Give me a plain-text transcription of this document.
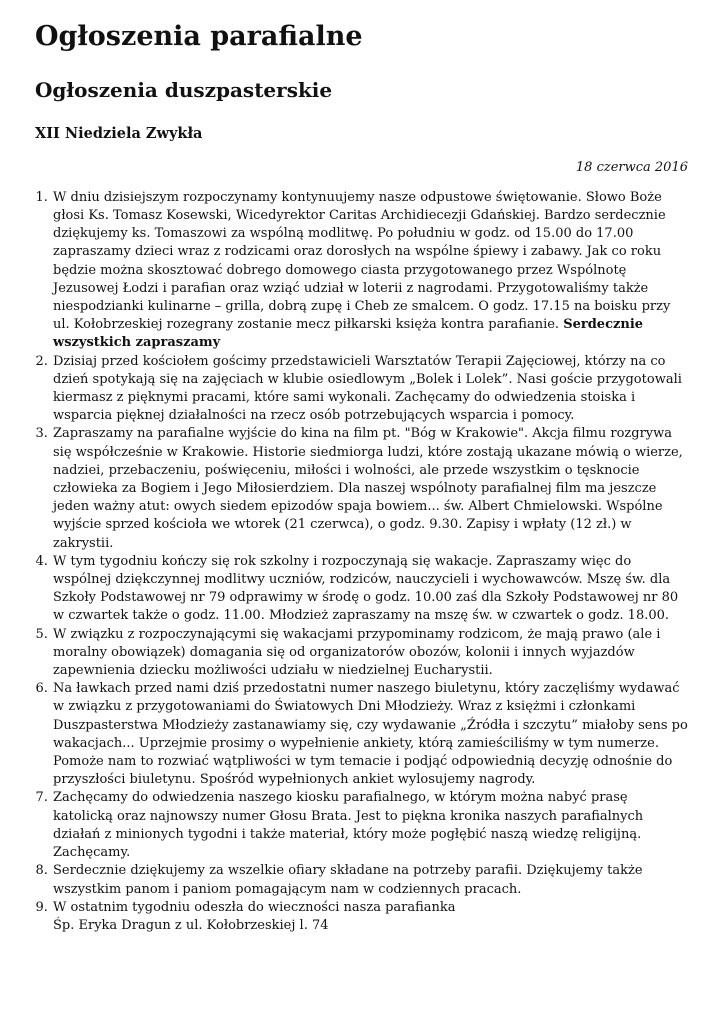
Ogłoszenia parafialne
Ogłoszenia duszpasterskie
XII Niedziela Zwykła
18 czerwca 2016
1. W dniu dzisiejszym rozpoczynamy kontynuujemy nasze odpustowe świętowanie. Słowo Boże głosi Ks. Tomasz Kosewski, Wicedyrektor Caritas Archidiecezji Gdańskiej. Bardzo serdecznie dziękujemy ks. Tomaszowi za wspólną modlitwę. Po południu w godz. od 15.00 do 17.00 zapraszamy dzieci wraz z rodzicami oraz dorosłych na wspólne śpiewy i zabawy. Jak co roku będzie można skosztować dobrego domowego ciasta przygotowanego przez Wspólnotę Jezusowej Łodzi i parafian oraz wziąć udział w loterii z nagrodami. Przygotowaliśmy także niespodzianki kulinarne – grilla, dobrą zupę i Cheb ze smalcem. O godz. 17.15 na boisku przy ul. Kołobrzeskiej rozegrany zostanie mecz piłkarski księża kontra parafianie. Serdecznie wszystkich zapraszamy
2. Dzisiaj przed kościołem gościmy przedstawicieli Warsztatów Terapii Zajęciowej, którzy na co dzień spotykają się na zajęciach w klubie osiedlowym „Bolek i Lolek”. Nasi goście przygotowali kiermasz z pięknymi pracami, które sami wykonali. Zachęcamy do odwiedzenia stoiska i wsparcia pięknej działalności na rzecz osób potrzebujących wsparcia i pomocy.
3. Zapraszamy na parafialne wyjście do kina na film pt. "Bóg w Krakowie". Akcja filmu rozgrywa się współcześnie w Krakowie. Historie siedmiorga ludzi, które zostają ukazane mówią o wierze, nadziei, przebaczeniu, poświęceniu, miłości i wolności, ale przede wszystkim o tęsknocie człowieka za Bogiem i Jego Miłosierdziem. Dla naszej wspólnoty parafialnej film ma jeszcze jeden ważny atut: owych siedem epizodów spaja bowiem... św. Albert Chmielowski. Wspólne wyjście sprzed kościoła we wtorek (21 czerwca), o godz. 9.30. Zapisy i wpłaty (12 zł.) w zakrystii.
4. W tym tygodniu kończy się rok szkolny i rozpoczynają się wakacje. Zapraszamy więc do wspólnej dziękczynnej modlitwy uczniów, rodziców, nauczycieli i wychowawców. Mszę św. dla Szkoły Podstawowej nr 79 odprawimy w środę o godz. 10.00 zaś dla Szkoły Podstawowej nr 80 w czwartek także o godz. 11.00. Młodzież zapraszamy na mszę św. w czwartek o godz. 18.00.
5. W związku z rozpoczynającymi się wakacjami przypominamy rodzicom, że mają prawo (ale i moralny obowiązek) domagania się od organizatorów obozów, kolonii i innych wyjazdów zapewnienia dziecku możliwości udziału w niedzielnej Eucharystii.
6. Na ławkach przed nami dziś przedostatni numer naszego biuletynu, który zaczęliśmy wydawać w związku z przygotowaniami do Światowych Dni Młodzieży. Wraz z księżmi i członkami Duszpasterstwa Młodzieży zastanawiamy się, czy wydawanie „Źródła i szczytu” miałoby sens po wakacjach... Uprzejmie prosimy o wypełnienie ankiety, którą zamieściliśmy w tym numerze. Pomoże nam to rozwiać wątpliwości w tym temacie i podjąć odpowiednią decyzję odnośnie do przyszłości biuletynu. Spośród wypełnionych ankiet wylosujemy nagrody.
7. Zachęcamy do odwiedzenia naszego kiosku parafialnego, w którym można nabyć prasę katolicką oraz najnowszy numer Głosu Brata. Jest to piękna kronika naszych parafialnych działań z minionych tygodni i także materiał, który może pogłębić naszą wiedzę religijną. Zachęcamy.
8. Serdecznie dziękujemy za wszelkie ofiary składane na potrzeby parafii. Dziękujemy także wszystkim panom i paniom pomagającym nam w codziennych pracach.
9. W ostatnim tygodniu odeszła do wieczności nasza parafianka
Śp. Eryka Dragun z ul. Kołobrzeskiej l. 74
